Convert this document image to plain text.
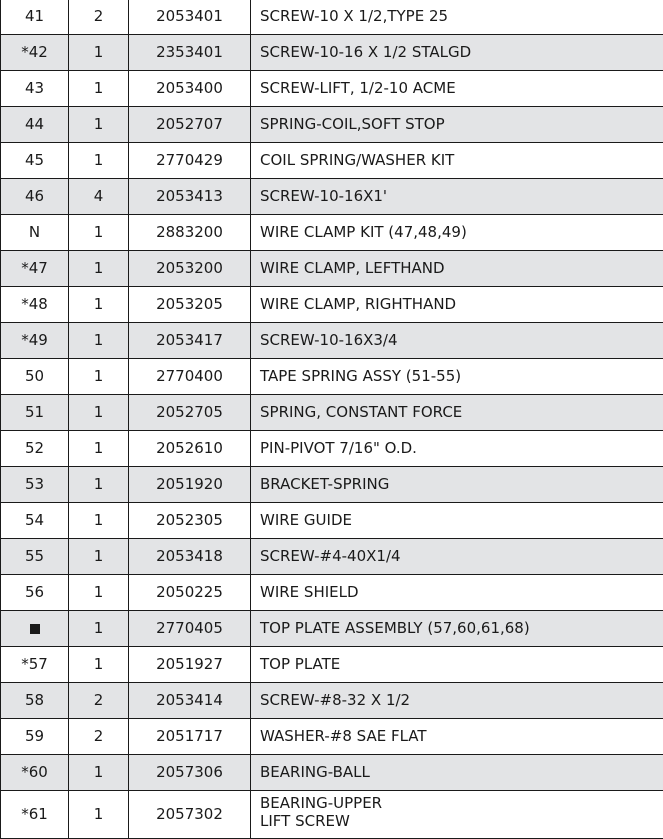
41	2	2053401	SCREW-10 X 1/2,TYPE 25
*42	1	2353401	SCREW-10-16 X 1/2 STALGD
43	1	2053400	SCREW-LIFT, 1/2-10 ACME
44	1	2052707	SPRING-COIL,SOFT STOP
45	1	2770429	COIL SPRING/WASHER KIT
46	4	2053413	SCREW-10-16X1'
N	1	2883200	WIRE CLAMP KIT (47,48,49)
*47	1	2053200	WIRE CLAMP, LEFTHAND
*48	1	2053205	WIRE CLAMP, RIGHTHAND
*49	1	2053417	SCREW-10-16X3/4
50	1	2770400	TAPE SPRING ASSY (51-55)
51	1	2052705	SPRING, CONSTANT FORCE
52	1	2052610	PIN-PIVOT 7/16" O.D.
53	1	2051920	BRACKET-SPRING
54	1	2052305	WIRE GUIDE
55	1	2053418	SCREW-#4-40X1/4
56	1	2050225	WIRE SHIELD
	1	2770405	TOP PLATE ASSEMBLY (57,60,61,68)
*57	1	2051927	TOP PLATE
58	2	2053414	SCREW-#8-32 X 1/2
59	2	2051717	WASHER-#8 SAE FLAT
*60	1	2057306	BEARING-BALL
*61	1	2057302	BEARING-UPPER
LIFT SCREW
